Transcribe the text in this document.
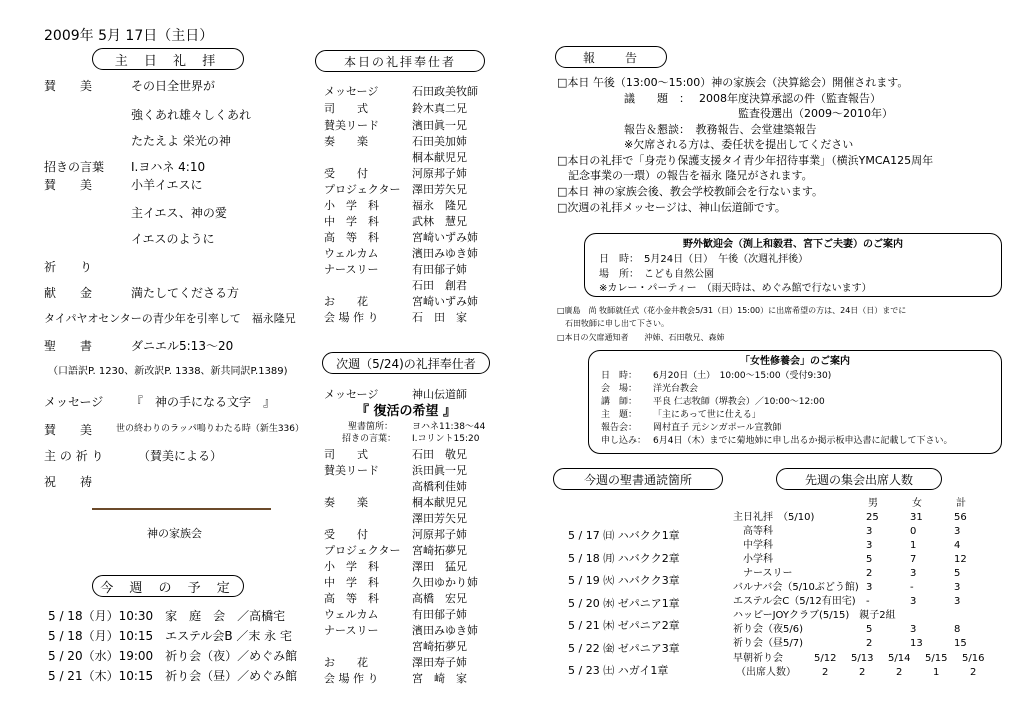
2009年 5月 17日（主日）
主 日 礼 拝
賛　　美	その日全世界が
強くあれ雄々しくあれ
たたえよ 栄光の神
招きの言葉 I.ヨハネ 4:10
賛　　美	小羊イエスに
主イエス、神の愛
イエスのように
祈　　り
献　　金	満たしてくださる方
タイパヤオセンターの青少年を引率して　福永隆兄
聖　　書	ダニエル5:13～20
（口語訳P. 1230、新改訳P. 1338、新共同訳P.1389)
メッセージ 『　神の手になる文字　』
賛　　美	世の終わりのラッパ鳴りわたる時（新生336）
主 の 祈 り	（賛美による）
祝　　祷
神の家族会
今 週 の 予 定
5 / 18（月）10:30　家　庭　会　／高橋宅
5 / 18（月）10:15　エステル会B ／末 永 宅
5 / 20（水）19:00　祈り会（夜）／めぐみ館
5 / 21（木）10:15　祈り会（昼）／めぐみ館
本日の礼拝奉仕者
メッセージ	石田政美牧師
司　　式	鈴木真二兄
賛美リード	濱田眞一兄
奏　　楽	石田美加姉
桐本献児兄
受　　付	河原邦子姉
プロジェクター 澤田芳矢兄
小　学　科	福永　隆兄
中　学　科	武林　慧兄
高　等　科	宮崎いずみ姉
ウェルカム	濱田みゆき姉
ナースリー	有田郁子姉
石田　創君
お　　花	宮崎いずみ姉
会 場 作 り	石　田　家
次週（5/24)の礼拝奉仕者
メッセージ	神山伝道師
『 復活の希望 』
聖書箇所： ヨハネ11:38～44
招きの言葉： I.コリント15:20
司　　式	石田　敬兄
賛美リード	浜田眞一兄
高橋利佳姉
奏　　楽	桐本献児兄
澤田芳矢兄
受　　付	河原邦子姉
プロジェクター 宮崎拓夢兄
小　学　科	澤田　猛兄
中　学　科	久田ゆかり姉
高　等　科	高橋　宏兄
ウェルカム	有田郁子姉
ナースリー	濱田みゆき姉
宮崎拓夢兄
お　　花	澤田寿子姉
会 場 作 り	宮　崎　家
報　　告
□本日 午後（13:00～15:00）神の家族会（決算総会）開催されます。
議　　題　：　 2008年度決算承認の件（監査報告）
監査役選出（2009～2010年）
報告＆懇談：　教務報告、会堂建築報告
※欠席される方は、委任状を提出してください
□本日の礼拝で「身売り保護支援タイ青少年招待事業」（横浜YMCA125周年
記念事業の一環）の報告を福永 隆兄がされます。
□本日 神の家族会後、教会学校教師会を行ないます。
□次週の礼拝メッセージは、神山伝道師です。
野外歓迎会（渕上和毅君、宮下ご夫妻）のご案内
日　時：　5月24日（日）　午後（次週礼拝後）
場　所：　こども自然公園
※カレー・パーティー　（雨天時は、めぐみ館で行ないます）
□廣島　尚 牧師就任式（花小金井教会5/31（日）15:00）に出席希望の方は、24日（日）までに
石田牧師に申し出て下さい。
□本日の欠席通知者　　沖姉、石田敬兄、森姉
「女性修養会」のご案内
日　時： 6月20日（土）　10:00～15:00（受付9:30)
会　場： 洋光台教会
講　師： 平良 仁志牧師（堺教会）／10:00～12:00
主　題： 「主にあって世に仕える」
報告会： 岡村直子 元シンガポール宣教師
申し込み： 6月4日（木）までに菊地姉に申し出るか掲示板申込書に記載して下さい。
今週の聖書通読箇所
5 / 17 ㈰ ハバクク1章
5 / 18 ㈪ ハバクク2章
5 / 19 ㈫ ハバクク3章
5 / 20 ㈬ ゼパニア1章
5 / 21 ㈭ ゼパニア2章
5 / 22 ㈮ ゼパニア3章
5 / 23 ㈯ ハガイ1章
先週の集会出席人数
男	女	計
主日礼拝　（5/10)	25	31	56
　高等科	3	0	3
　中学科	3	1	4
　小学科	5	7	12
　ナースリー	2	3	5
バルナバ会（5/10ぶどう館) 3	-	3
エステル会C（5/12有田宅) -	3	3
ハッピーJOYクラブ(5/15)　親子2組
祈り会（夜5/6)	5	3	8
祈り会（昼5/7)	2	13	15
早朝祈り会	5/12 5/13 5/14 5/15 5/16
（出席人数）	2	2	2	1	2
